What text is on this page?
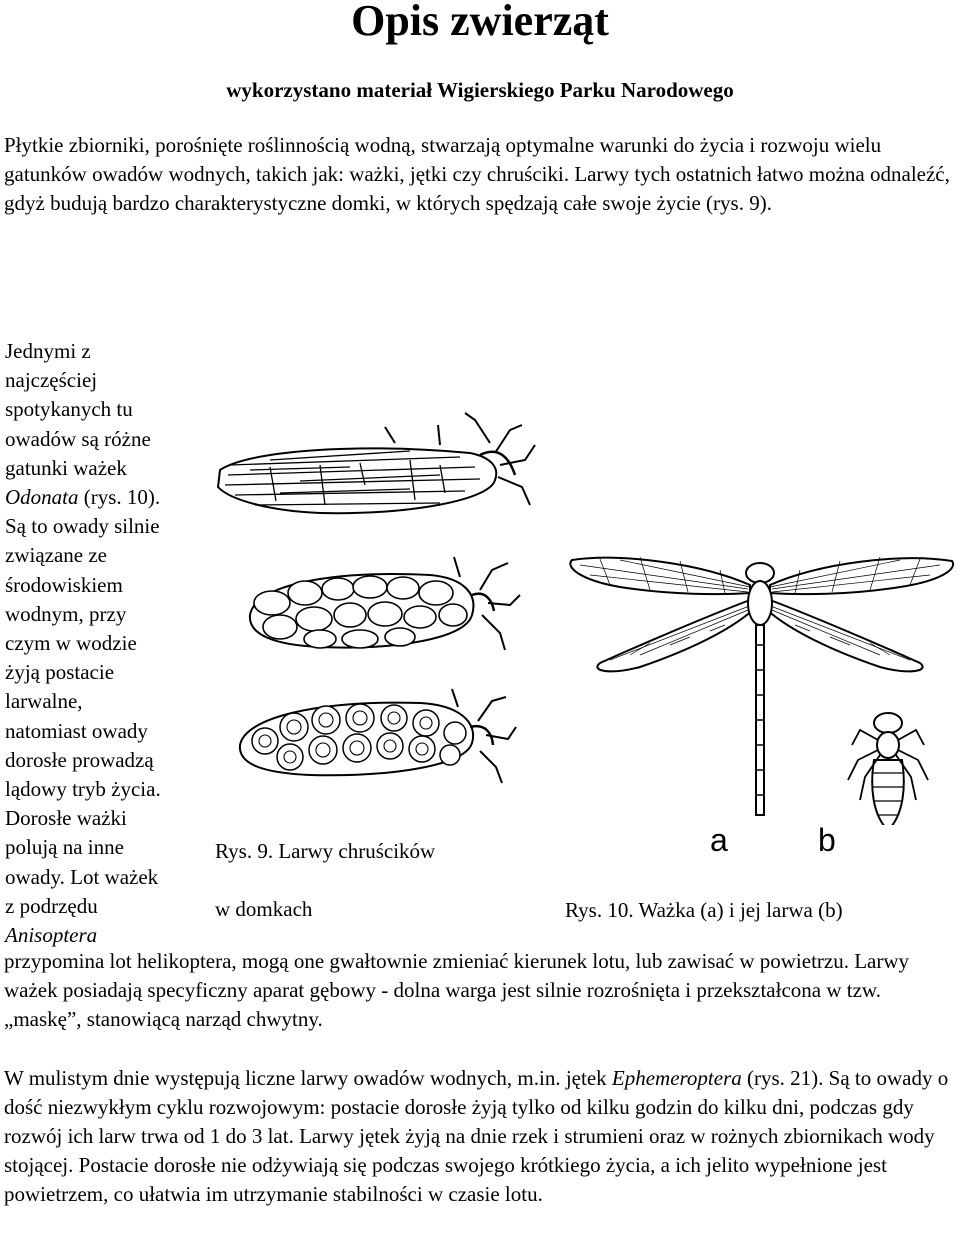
Opis zwierząt
wykorzystano materiał Wigierskiego Parku Narodowego
Płytkie zbiorniki, porośnięte roślinnością wodną, stwarzają optymalne warunki do życia i rozwoju wielu gatunków owadów wodnych, takich jak: ważki, jętki czy chruściki. Larwy tych ostatnich łatwo można odnaleźć, gdyż budują bardzo charakterystyczne domki, w których spędzają całe swoje życie (rys. 9).
Jednymi z
najczęściej
spotykanych tu
owadów są różne
gatunki ważek
Odonata (rys. 10).
Są to owady silnie
związane ze
środowiskiem
wodnym, przy
czym w wodzie
żyją postacie
larwalne,
natomiast owady
dorosłe prowadzą
lądowy tryb życia.
Dorosłe ważki
polują na inne
owady. Lot ważek
z podrzędu
Anisoptera
przypomina lot helikoptera, mogą one gwałtownie zmieniać kierunek lotu, lub zawisać w powietrzu. Larwy ważek posiadają specyficzny aparat gębowy - dolna warga jest silnie rozrośnięta i przekształcona w tzw. „maskę”, stanowiącą narząd chwytny.
W mulistym dnie występują liczne larwy owadów wodnych, m.in. jętek Ephemeroptera (rys. 21). Są to owady o dość niezwykłym cyklu rozwojowym: postacie dorosłe żyją tylko od kilku godzin do kilku dni, podczas gdy rozwój ich larw trwa od 1 do 3 lat. Larwy jętek żyją na dnie rzek i strumieni oraz w rożnych zbiornikach wody stojącej. Postacie dorosłe nie odżywiają się podczas swojego krótkiego życia, a ich jelito wypełnione jest powietrzem, co ułatwia im utrzymanie stabilności w czasie lotu.
Rys. 9. Larwy chruścików
w domkach
a	b
Rys. 10. Ważka (a) i jej larwa (b)
